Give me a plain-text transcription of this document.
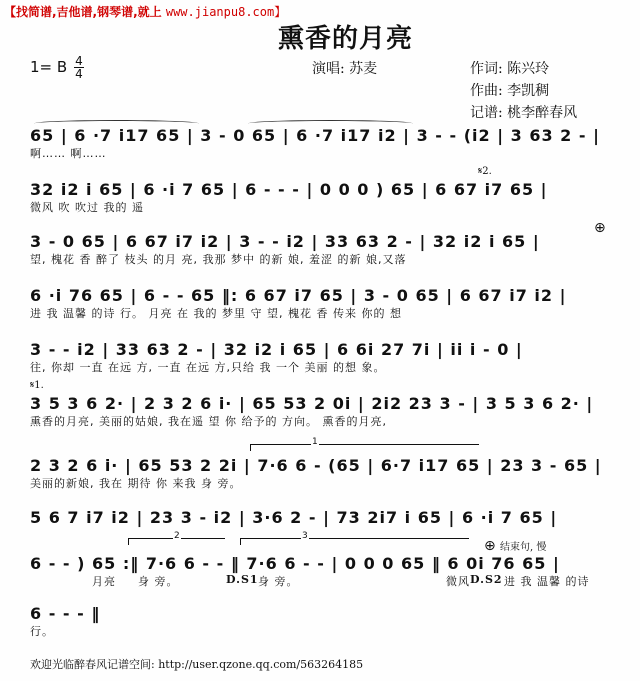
【找简谱,吉他谱,钢琴谱,就上 www.jianpu8.com】
熏香的月亮
1= B 4
4	演唱: 苏麦	作词: 陈兴玲
作曲: 李凯稠
记谱: 桃李醉春风
65 | 6 ·7 i17 65 | 3 - 0 65 | 6 ·7 i17 i2 | 3 - - (i2 | 3 63 2 - |
啊…… 啊……
𝄋2.
32 i2 i 65 | 6 ·i 7 65 | 6 - - - | 0 0 0 ) 65 | 6 67 i7 65 |
微风 吹 吹过 我的 遥
⊕
3 - 0 65 | 6 67 i7 i2 | 3 - - i2 | 33 63 2 - | 32 i2 i 65 |
望, 槐花 香 醉了 枝头 的月 亮, 我那 梦中 的新 娘, 羞涩 的新 娘,又落
6 ·i 76 65 | 6 - - 65 ‖: 6 67 i7 65 | 3 - 0 65 | 6 67 i7 i2 |
进 我 温馨 的诗 行。 月亮 在 我的 梦里 守 望, 槐花 香 传来 你的 想
3 - - i2 | 33 63 2 - | 32 i2 i 65 | 6 6i 27 7i | ii i - 0 |
往, 你却 一直 在远 方, 一直 在远 方,只给 我 一个 美丽 的想 象。
𝄋1.
3 5 3 6 2· | 2 3 2 6 i· | 65 53 2 0i | 2i2 23 3 - | 3 5 3 6 2· |
熏香的月亮, 美丽的姑娘, 我在遥 望 你 给予的 方向。 熏香的月亮,
1
2 3 2 6 i· | 65 53 2 2i | 7·6 6 - (65 | 6·7 i17 65 | 23 3 - 65 |
美丽的新娘, 我在 期待 你 来我 身 旁。
5 6 7 i7 i2 | 23 3 - i2 | 3·6 2 - | 73 2i7 i 65 | 6 ·i 7 65 |
2	3
⊕ 结束句, 慢
6 - - ) 65 :‖ 7·6 6 - - ‖ 7·6 6 - - | 0 0 0 65 ‖ 6 0i 76 65 |
月亮 身 旁。	D.S1 身 旁。	微风 D.S2 进 我 温馨 的诗
6 - - - ‖
行。
欢迎光临醉春风记谱空间: http://user.qzone.qq.com/563264185
